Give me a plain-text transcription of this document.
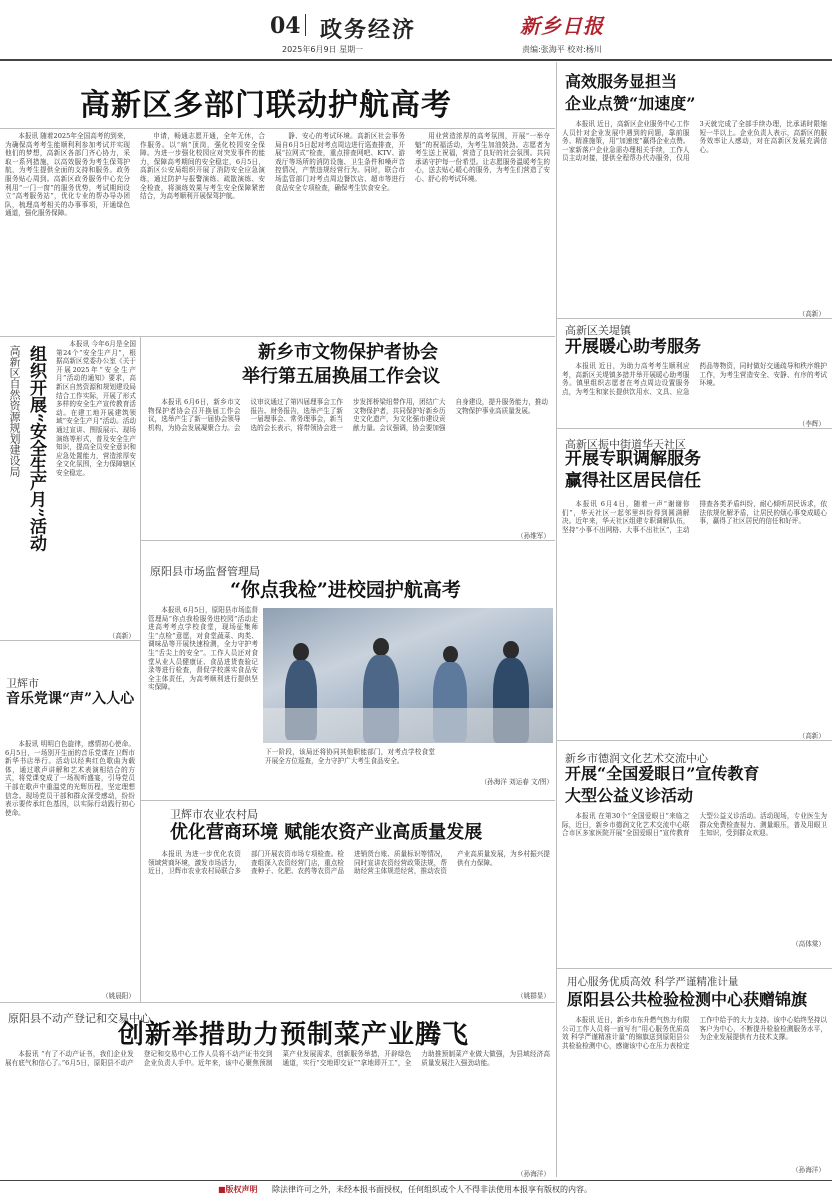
04 政务经济
2025年6月9日 星期一
新乡日报
责编:张海平 校对:杨川
高新区多部门联动护航高考

本报讯 随着2025年全国高考的到来，为确保高考考生能顺利利参加考试并实现他们的梦想，高新区各部门齐心协力，采取一系列措施，以高效服务为考生保驾护航，为考生提供全面的支持和服务。政务服务贴心周到。高新区政务服务中心充分利用“一门一窗”的服务优势，考试期间设立“高考服务站”，优化专业的帮办导办团队，梳理高考相关的办事事项，开通绿色通道，强化服务保障。

申请，畅通志愿开通，全年无休，合作服务。以“病”顶岗，强化校园安全保障。为进一步强化校园应对突发事件的能力，保障高考期间的安全稳定，6月5日，高新区公安局组织开展了消防安全应急演练，通过防护与报警演练、疏散演练、安全检查，将演练效果与考生安全保障紧密结合，为高考顺利开展保驾护航。

静、安心的考试环境。高新区社会事务局自6月5日起对考点周边进行巡查排查，开展“拉网式”检查，重点排查网吧、KTV、游戏厅等场所的消防设施、卫生条件和噪声音控情况，产禁违规经营行为。同时，联合市场监管部门对考点周边餐饮店、超市等进行食品安全专项检查，确保考生饮食安全。

用业营造浓厚的高考氛围，开展“一举夺魁”的祝福活动，为考生加油鼓劲。志愿者为考生送上祝福，营造了良好的社会氛围。共同承诺守护每一份希望。让志愿服务温暖考生的心，送去贴心暖心的服务，为考生们营造了安心、舒心的考试环境。

高新区自然资源规划建设局 组织开展“安全生产月”活动

本报讯 今年6月是全国第24个“安全生产月”，根据高新区党委办公室《关于开展2025年“安全生产月”活动的通知》要求，高新区自然资源和规划建设局结合工作实际，开展了形式多样的安全生产宣传教育活动。在建工地开展建筑领域“安全生产月”活动。活动通过宣讲、图版展示、现场演练等形式，普及安全生产知识，提高全员安全意识和应急处置能力，营造浓厚安全文化氛围，全力保障辖区安全稳定。

（高新）
卫辉市
音乐党课“声”入人心

本报讯 明明白色旋律，感情初心使命。6月5日，一场别开生面的音乐党课在卫辉市新华书店举行。活动以经典红色歌曲为载体，通过歌声讲解和艺术表演相结合的方式，将党课变成了一场视听盛宴，引导党员干部在歌声中重温党的光辉历程，坚定理想信念。现场党员干部和群众深受感动，纷纷表示要传承红色基因，以实际行动践行初心使命。

（姚晨阳）
新乡市文物保护者协会
举行第五届换届工作会议

本报讯 6月6日，新乡市文物保护者协会召开换届工作会议，选举产生了新一届协会领导机构，为协会发展凝聚合力。会议审议通过了第四届理事会工作报告、财务报告，选举产生了新一届理事会、常务理事会，新当选的会长表示，将带领协会进一步发挥桥梁纽带作用，团结广大文物保护者，共同保护好新乡历史文化遗产，为文化强市建设贡献力量。会议强调，协会要加强自身建设，提升服务能力，推动文物保护事业高质量发展。

（孙维军）
原阳县市场监督管理局
“你点我检”进校园护航高考

本报讯 6月5日，原阳县市场监督管理局“你点我检服务进校园”活动走进高考考点学校食堂，现场征集师生“点检”意愿，对食堂蔬菜、肉类、调味品等开展快速检测，全力守护考生“舌尖上的安全”。工作人员还对食堂从业人员健康证、食品进货查验记录等进行检查，督促学校落实食品安全主体责任，为高考顺利进行提供坚实保障。

下一阶段，该局还将协同其他职能部门，对考点学校食堂开展全方位巡查，全力守护广大考生食品安全。
（孙海洋 刘运春 文/图）
卫辉市农业农村局
优化营商环境 赋能农资产业高质量发展

本报讯 为进一步优化农资领域营商环境，激发市场活力，近日，卫辉市农业农村局联合多部门开展农资市场专项检查。检查组深入农资经营门店，重点检查种子、化肥、农药等农资产品进销货台账、质量标识等情况，同时宣讲农资经营政策法规，帮助经营主体规范经营，推动农资产业高质量发展，为乡村振兴提供有力保障。

（姚群显）
原阳县不动产登记和交易中心
创新举措助力预制菜产业腾飞

本报讯 “有了不动产证书，我们企业发展有底气和信心了。”6月5日，原阳县不动产登记和交易中心工作人员将不动产证书交到企业负责人手中。近年来，该中心聚焦预制菜产业发展需求，创新服务举措，开辟绿色通道，实行“交地即交证”“拿地即开工”，全力助推预制菜产业做大做强，为县域经济高质量发展注入强劲动能。

（孙海洋）
高效服务显担当
企业点赞“加速度”

本报讯 近日，高新区企业服务中心工作人员针对企业发展中遇到的问题，靠前服务、精准施策，用“加速度”赢得企业点赞。一家新落户企业急需办理相关手续，工作人员主动对接，提供全程帮办代办服务，仅用3天就完成了全部手续办理，比承诺时限缩短一半以上。企业负责人表示，高新区的服务效率让人感动，对在高新区发展充满信心。

（高新）
高新区关堤镇
开展暖心助考服务

本报讯 近日，为助力高考考生顺利应考，高新区关堤镇多措并举开展暖心助考服务。镇里组织志愿者在考点周边设置服务点，为考生和家长提供饮用水、文具、应急药品等物资，同时做好交通疏导和秩序维护工作，为考生营造安全、安静、有序的考试环境。

（李辉）
高新区振中街道华天社区
开展专职调解服务
赢得社区居民信任

本报讯 6月4日，随着一声“谢谢你们”，华天社区一起邻里纠纷得到圆满解决。近年来，华天社区组建专职调解队伍，坚持“小事不出网格、大事不出社区”，主动排查各类矛盾纠纷，耐心倾听居民诉求，依法依规化解矛盾，让居民的烦心事变成暖心事，赢得了社区居民的信任和好评。

（高新）
新乡市德润文化艺术交流中心
开展“全国爱眼日”宣传教育
大型公益义诊活动

本报讯 在第30个“全国爱眼日”来临之际，近日，新乡市德润文化艺术交流中心联合市区多家医院开展“全国爱眼日”宣传教育大型公益义诊活动。活动现场，专业医生为群众免费检查视力、测量眼压，普及用眼卫生知识，受到群众欢迎。

（高体棠）
用心服务优质高效 科学严谨精准计量
原阳县公共检验检测中心获赠锦旗

本报讯 近日，新乡市东升燃气热力有限公司工作人员将一面写有“用心服务优质高效 科学严谨精准计量”的锦旗送到原阳县公共检验检测中心，感谢该中心在压力表检定工作中给予的大力支持。该中心始终坚持以客户为中心，不断提升检验检测服务水平，为企业发展提供有力技术支撑。

（孙海洋）
■版权声明 除法律许可之外，未经本报书面授权，任何组织或个人不得非法使用本报享有版权的内容。
